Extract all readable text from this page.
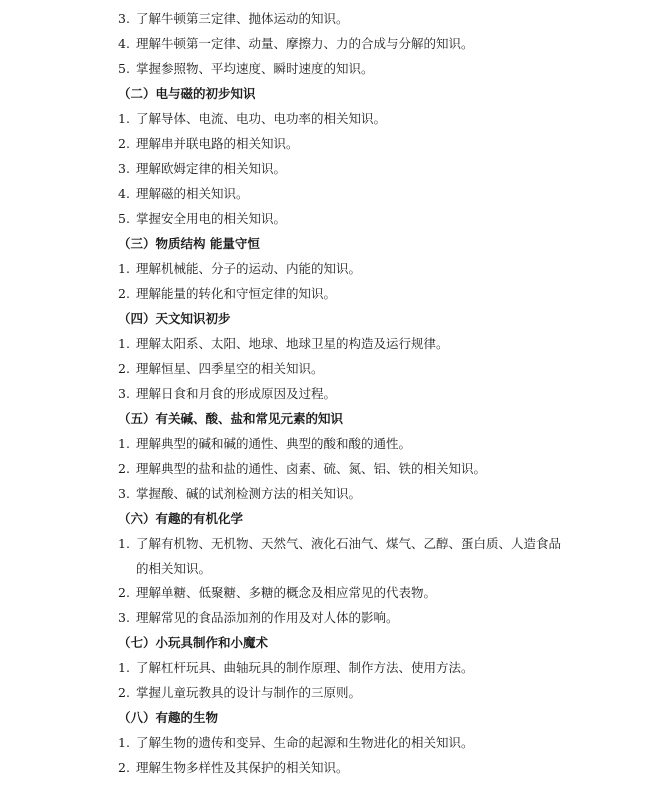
3. 了解牛顿第三定律、抛体运动的知识。
4. 理解牛顿第一定律、动量、摩擦力、力的合成与分解的知识。
5. 掌握参照物、平均速度、瞬时速度的知识。
（二）电与磁的初步知识
1. 了解导体、电流、电功、电功率的相关知识。
2. 理解串并联电路的相关知识。
3. 理解欧姆定律的相关知识。
4. 理解磁的相关知识。
5. 掌握安全用电的相关知识。
（三）物质结构 能量守恒
1. 理解机械能、分子的运动、内能的知识。
2. 理解能量的转化和守恒定律的知识。
（四）天文知识初步
1. 理解太阳系、太阳、地球、地球卫星的构造及运行规律。
2. 理解恒星、四季星空的相关知识。
3. 理解日食和月食的形成原因及过程。
（五）有关碱、酸、盐和常见元素的知识
1. 理解典型的碱和碱的通性、典型的酸和酸的通性。
2. 理解典型的盐和盐的通性、卤素、硫、氮、铝、铁的相关知识。
3. 掌握酸、碱的试剂检测方法的相关知识。
（六）有趣的有机化学
1. 了解有机物、无机物、天然气、液化石油气、煤气、乙醇、蛋白质、人造食品
的相关知识。
2. 理解单糖、低聚糖、多糖的概念及相应常见的代表物。
3. 理解常见的食品添加剂的作用及对人体的影响。
（七）小玩具制作和小魔术
1. 了解杠杆玩具、曲轴玩具的制作原理、制作方法、使用方法。
2. 掌握儿童玩教具的设计与制作的三原则。
（八）有趣的生物
1. 了解生物的遗传和变异、生命的起源和生物进化的相关知识。
2. 理解生物多样性及其保护的相关知识。
